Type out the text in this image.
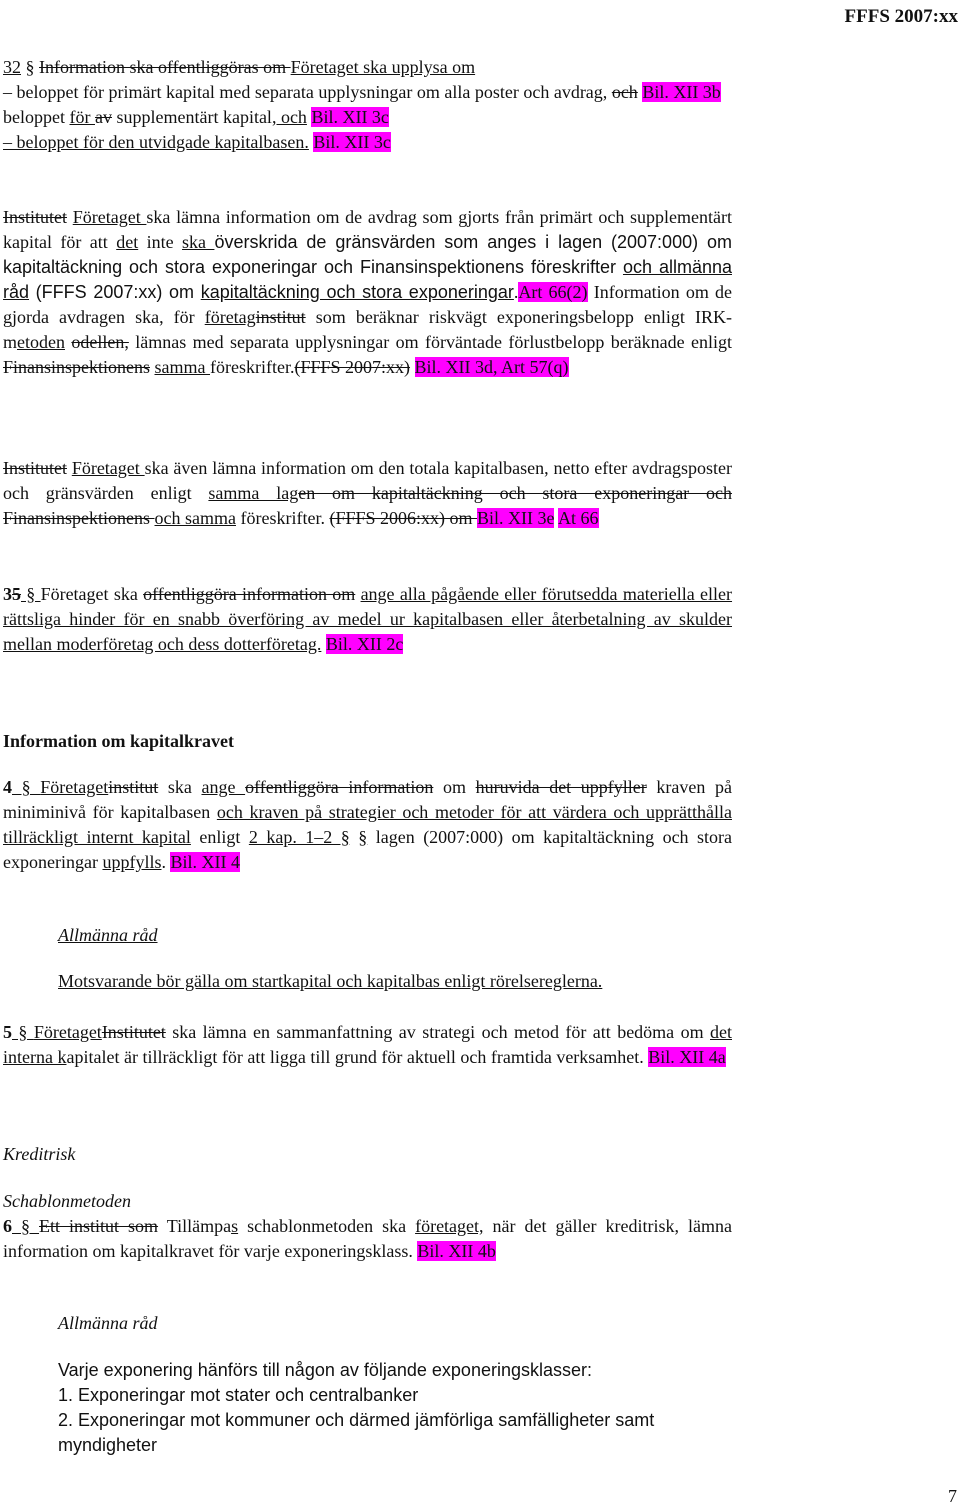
FFFS 2007:xx
32 § Information ska offentliggöras om Företaget ska upplysa om
– beloppet för primärt kapital med separata upplysningar om alla poster och avdrag, och Bil. XII 3b
beloppet för av supplementärt kapital, och Bil. XII 3c
– beloppet för den utvidgade kapitalbasen. Bil. XII 3c
Institutet Företaget ska lämna information om de avdrag som gjorts från primärt och supplementärt kapital för att det inte ska överskrida de gränsvärden som anges i lagen (2007:000) om kapitaltäckning och stora exponeringar och Finansinspektionens föreskrifter och allmänna råd (FFFS 2007:xx) om kapitaltäckning och stora exponeringar.Art 66(2) Information om de gjorda avdragen ska, för företaginstitut som beräknar riskvägt exponeringsbelopp enligt IRK-metoden odellen, lämnas med separata upplysningar om förväntade förlustbelopp beräknade enligt Finansinspektionens samma föreskrifter.(FFFS 2007:xx) Bil. XII 3d, Art 57(q)
Institutet Företaget ska även lämna information om den totala kapitalbasen, netto efter avdragsposter och gränsvärden enligt samma lagen om kapitaltäckning och stora exponeringar och Finansinspektionens och samma föreskrifter. (FFFS 2006:xx) om Bil. XII 3e At 66
35 § Företaget ska offentliggöra information om ange alla pågående eller förutsedda materiella eller rättsliga hinder för en snabb överföring av medel ur kapitalbasen eller återbetalning av skulder mellan moderföretag och dess dotterföretag. Bil. XII 2c
Information om kapitalkravet
4 § Företagetinstitut ska ange offentliggöra information om huruvida det uppfyller kraven på miniminivå för kapitalbasen och kraven på strategier och metoder för att värdera och upprätthålla tillräckligt internt kapital enligt 2 kap. 1–2 § § lagen (2007:000) om kapitaltäckning och stora exponeringar uppfylls. Bil. XII 4
Allmänna råd
Motsvarande bör gälla om startkapital och kapitalbas enligt rörelsereglerna.
5 § FöretagetInstitutet ska lämna en sammanfattning av strategi och metod för att bedöma om det interna kapitalet är tillräckligt för att ligga till grund för aktuell och framtida verksamhet. Bil. XII 4a
Kreditrisk
Schablonmetoden
6 § Ett institut som Tillämpas schablonmetoden ska företaget, när det gäller kreditrisk, lämna information om kapitalkravet för varje exponeringsklass. Bil. XII 4b
Allmänna råd
Varje exponering hänförs till någon av följande exponeringsklasser:
1. Exponeringar mot stater och centralbanker
2. Exponeringar mot kommuner och därmed jämförliga samfälligheter samt myndigheter
7
